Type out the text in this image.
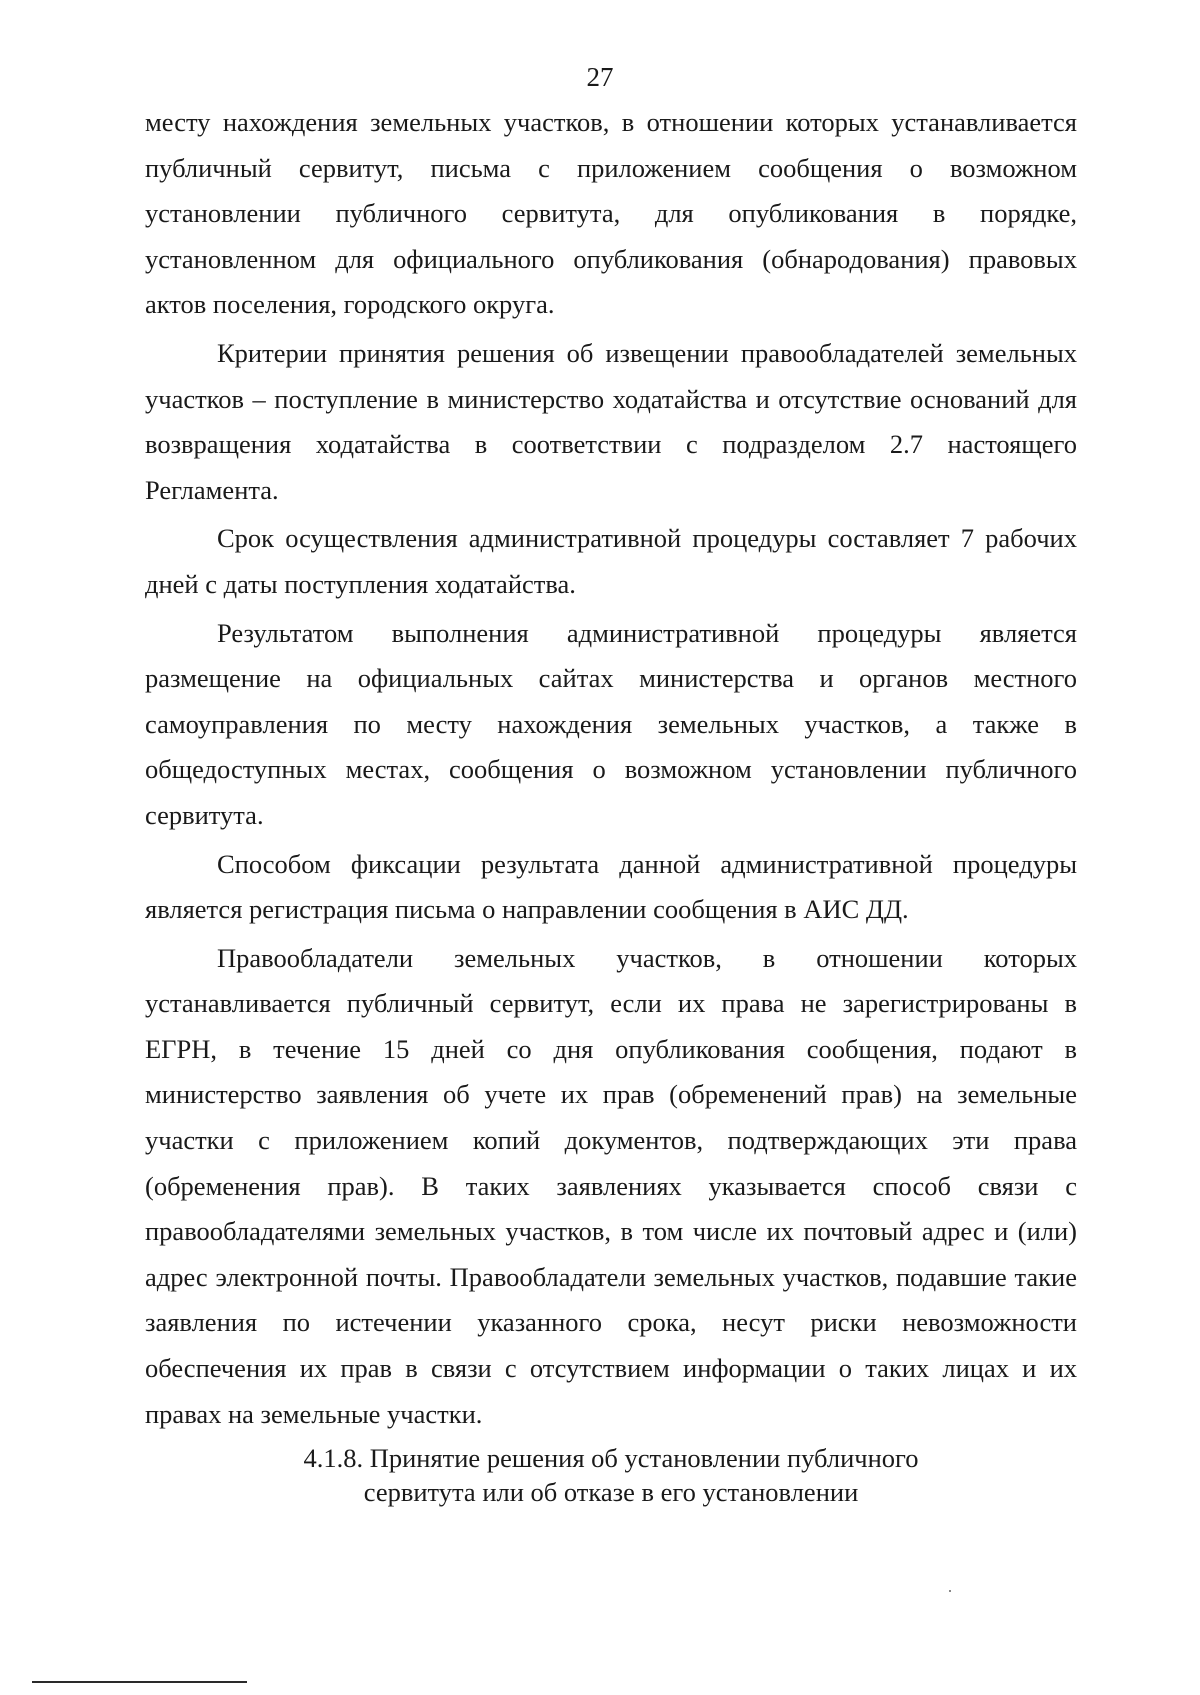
27

месту нахождения земельных участков, в отношении которых устанавливается публичный сервитут, письма с приложением сообщения о возможном установлении публичного сервитута, для опубликования в порядке, установленном для официального опубликования (обнародования) правовых актов поселения, городского округа.

Критерии принятия решения об извещении правообладателей земельных участков – поступление в министерство ходатайства и отсутствие оснований для возвращения ходатайства в соответствии с подразделом 2.7 настоящего Регламента.

Срок осуществления административной процедуры составляет 7 рабочих дней с даты поступления ходатайства.

Результатом выполнения административной процедуры является размещение на официальных сайтах министерства и органов местного самоуправления по месту нахождения земельных участков, а также в общедоступных местах, сообщения о возможном установлении публичного сервитута.

Способом фиксации результата данной административной процедуры является регистрация письма о направлении сообщения в АИС ДД.

Правообладатели земельных участков, в отношении которых устанавливается публичный сервитут, если их права не зарегистрированы в ЕГРН, в течение 15 дней со дня опубликования сообщения, подают в министерство заявления об учете их прав (обременений прав) на земельные участки с приложением копий документов, подтверждающих эти права (обременения прав). В таких заявлениях указывается способ связи с правообладателями земельных участков, в том числе их почтовый адрес и (или) адрес электронной почты. Правообладатели земельных участков, подавшие такие заявления по истечении указанного срока, несут риски невозможности обеспечения их прав в связи с отсутствием информации о таких лицах и их правах на земельные участки.

4.1.8. Принятие решения об установлении публичного
сервитута или об отказе в его установлении
